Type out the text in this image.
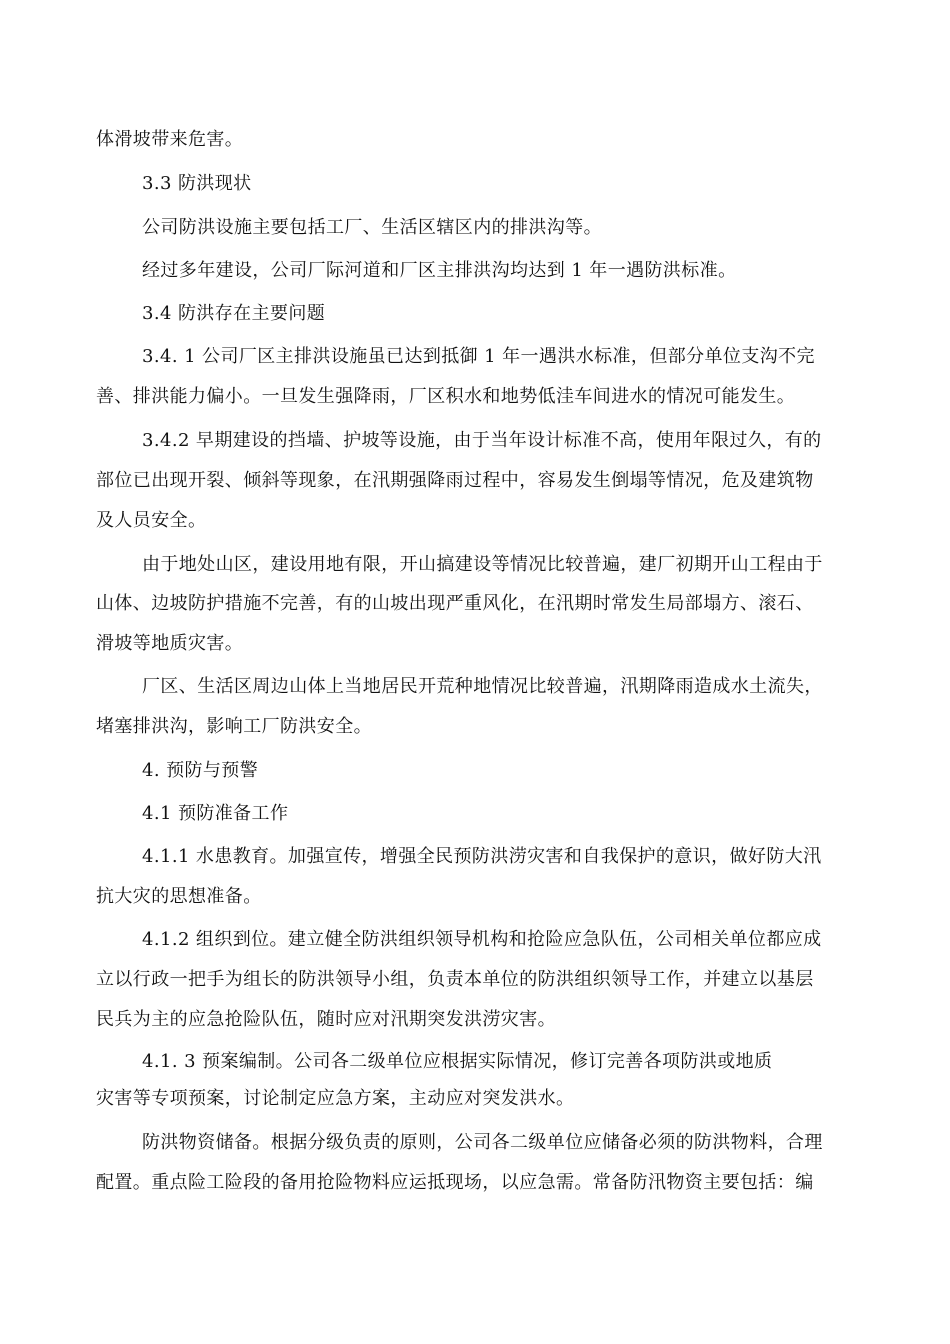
体滑坡带来危害。
3.3 防洪现状
公司防洪设施主要包括工厂、生活区辖区内的排洪沟等。
经过多年建设，公司厂际河道和厂区主排洪沟均达到 1 年一遇防洪标准。
3.4 防洪存在主要问题
3.4. 1 公司厂区主排洪设施虽已达到抵御 1 年一遇洪水标准，但部分单位支沟不完
善、排洪能力偏小。一旦发生强降雨，厂区积水和地势低洼车间进水的情况可能发生。
3.4.2 早期建设的挡墙、护坡等设施，由于当年设计标准不高，使用年限过久，有的
部位已出现开裂、倾斜等现象，在汛期强降雨过程中，容易发生倒塌等情况，危及建筑物
及人员安全。
由于地处山区，建设用地有限，开山搞建设等情况比较普遍，建厂初期开山工程由于
山体、边坡防护措施不完善，有的山坡出现严重风化，在汛期时常发生局部塌方、滚石、
滑坡等地质灾害。
厂区、生活区周边山体上当地居民开荒种地情况比较普遍，汛期降雨造成水土流失，
堵塞排洪沟，影响工厂防洪安全。
4. 预防与预警
4.1 预防准备工作
4.1.1 水患教育。加强宣传，增强全民预防洪涝灾害和自我保护的意识，做好防大汛
抗大灾的思想准备。
4.1.2 组织到位。建立健全防洪组织领导机构和抢险应急队伍，公司相关单位都应成
立以行政一把手为组长的防洪领导小组，负责本单位的防洪组织领导工作，并建立以基层
民兵为主的应急抢险队伍，随时应对汛期突发洪涝灾害。
4.1. 3 预案编制。公司各二级单位应根据实际情况，修订完善各项防洪或地质
灾害等专项预案，讨论制定应急方案，主动应对突发洪水。
防洪物资储备。根据分级负责的原则，公司各二级单位应储备必须的防洪物料，合理
配置。重点险工险段的备用抢险物料应运抵现场，以应急需。常备防汛物资主要包括：编
